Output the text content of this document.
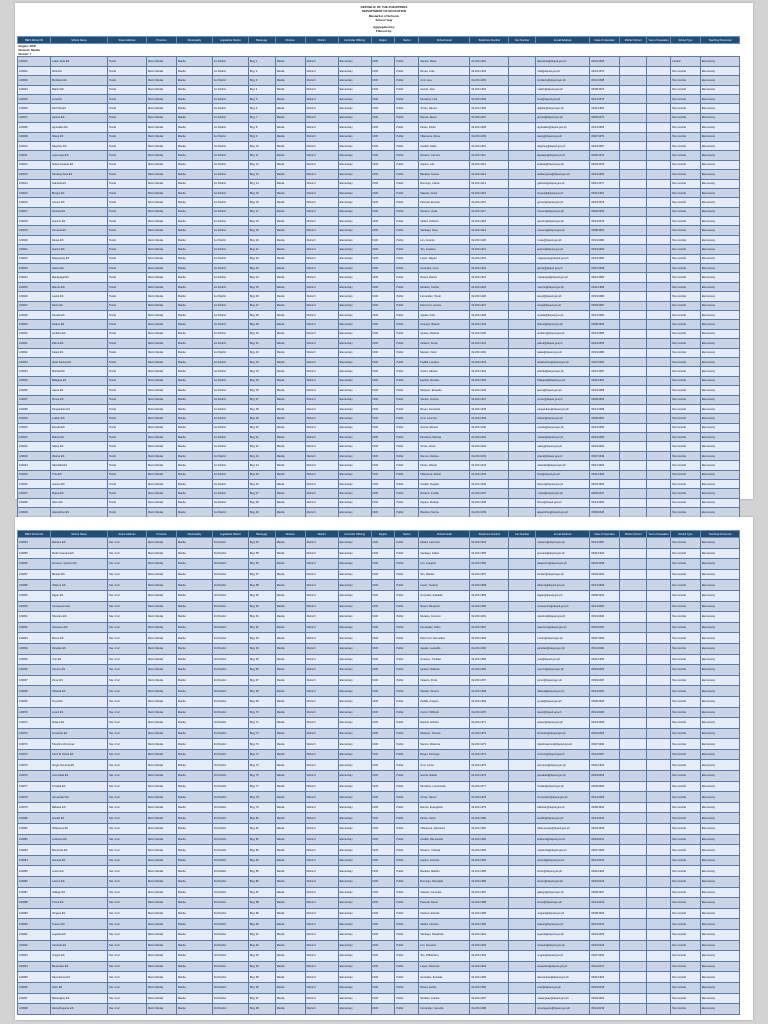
REPUBLIC OF THE PHILIPPINES
DEPARTMENT OF EDUCATION
Masterlist of Schools
School Year
Aggregated by:
Filtered by:
BEIS School ID	School Name	Street Address	Province	Municipality	Legislative District	Barangay	Division	District	Curricular Offering	Region	Sector	School Head	Telephone Number	Fax Number	E-mail Address	Date of Operation	Mother School	Year of Cessation	School Type	Teaching Personnel
Region: NCR																				
Division: Manila																				
District: I																				
100001	Lakan Dula ES	Tondo	Metro Manila	Manila	1st District	Brgy 1	Manila	District I	Elementary	NCR	Public	Santos, Maria	02-252-1001		lakandula@deped.gov.ph	06/15/1965			Central	Elementary
100002	Rizal ES	Tondo	Metro Manila	Manila	1st District	Brgy 2	Manila	District I	Elementary	NCR	Public	Reyes, Juan	02-252-1002		rizal@deped.gov.ph	06/10/1970			Non-Central	Elementary
100003	Bonifacio ES	Tondo	Metro Manila	Manila	1st District	Brgy 3	Manila	District I	Elementary	NCR	Public	Cruz, Ana	02-252-1003		bonifacio@deped.gov.ph	06/12/1968			Non-Central	Elementary
100004	Mabini ES	Tondo	Metro Manila	Manila	1st District	Brgy 4	Manila	District I	Elementary	NCR	Public	Garcia, Jose	02-252-1004		mabini@deped.gov.ph	06/08/1972			Non-Central	Elementary
100005	Luna ES	Tondo	Metro Manila	Manila	1st District	Brgy 5	Manila	District I	Elementary	NCR	Public	Mendoza, Liza	02-252-1005		luna@deped.gov.ph	06/14/1975			Non-Central	Elementary
100006	Del Pilar ES	Tondo	Metro Manila	Manila	1st District	Brgy 6	Manila	District I	Elementary	NCR	Public	Torres, Ramon	02-252-1006		delpilar@deped.gov.ph	06/11/1969			Non-Central	Elementary
100007	Jacinto ES	Tondo	Metro Manila	Manila	1st District	Brgy 7	Manila	District I	Elementary	NCR	Public	Ramos, Elena	02-252-1007		jacinto@deped.gov.ph	06/09/1971			Non-Central	Elementary
100008	Aguinaldo ES	Tondo	Metro Manila	Manila	1st District	Brgy 8	Manila	District I	Elementary	NCR	Public	Flores, Pedro	02-252-1008		aguinaldo@deped.gov.ph	06/13/1966			Non-Central	Elementary
100009	Silang ES	Tondo	Metro Manila	Manila	1st District	Brgy 9	Manila	District I	Elementary	NCR	Public	Villanueva, Rosa	02-252-1009		silang@deped.gov.ph	06/07/1974			Non-Central	Elementary
100010	Dagohoy ES	Tondo	Metro Manila	Manila	1st District	Brgy 10	Manila	District I	Elementary	NCR	Public	Castillo, Mario	02-252-1010		dagohoy@deped.gov.ph	06/16/1967			Non-Central	Elementary
100011	Lapu-Lapu ES	Tondo	Metro Manila	Manila	1st District	Brgy 11	Manila	District I	Elementary	NCR	Public	Navarro, Carmen	02-252-1011		lapulapu@deped.gov.ph	06/05/1973			Non-Central	Elementary
100012	Sultan Kudarat ES	Tondo	Metro Manila	Manila	1st District	Brgy 12	Manila	District I	Elementary	NCR	Public	Aquino, Luis	02-252-1012		kudarat@deped.gov.ph	06/18/1976			Non-Central	Elementary
100013	Tandang Sora ES	Tondo	Metro Manila	Manila	1st District	Brgy 13	Manila	District I	Elementary	NCR	Public	Bautista, Teresa	02-252-1013		tandangsora@deped.gov.ph	06/10/1964			Non-Central	Elementary
100014	Gabriela ES	Tondo	Metro Manila	Manila	1st District	Brgy 14	Manila	District I	Elementary	NCR	Public	Domingo, Carlos	02-252-1014		gabriela@deped.gov.ph	06/12/1977			Non-Central	Elementary
100015	Burgos ES	Tondo	Metro Manila	Manila	1st District	Brgy 15	Manila	District I	Elementary	NCR	Public	Salazar, Gloria	02-252-1015		burgos@deped.gov.ph	06/11/1963			Non-Central	Elementary
100016	Gomez ES	Tondo	Metro Manila	Manila	1st District	Brgy 16	Manila	District I	Elementary	NCR	Public	Pascual, Ernesto	02-252-1016		gomez@deped.gov.ph	06/15/1978			Non-Central	Elementary
100017	Zamora ES	Tondo	Metro Manila	Manila	1st District	Brgy 17	Manila	District I	Elementary	NCR	Public	Soriano, Linda	02-252-1017		zamora@deped.gov.ph	06/09/1962			Non-Central	Elementary
100018	Quezon ES	Tondo	Metro Manila	Manila	1st District	Brgy 18	Manila	District I	Elementary	NCR	Public	Valdez, Roberto	02-252-1018		quezon@deped.gov.ph	06/14/1979			Non-Central	Elementary
100019	Osmena ES	Tondo	Metro Manila	Manila	1st District	Brgy 19	Manila	District I	Elementary	NCR	Public	Santiago, Nora	02-252-1019		osmena@deped.gov.ph	06/08/1961			Non-Central	Elementary
100020	Roxas ES	Tondo	Metro Manila	Manila	1st District	Brgy 20	Manila	District I	Elementary	NCR	Public	Lim, Antonio	02-252-1020		roxas@deped.gov.ph	06/13/1980			Non-Central	Elementary
100021	Quirino ES	Tondo	Metro Manila	Manila	1st District	Brgy 21	Manila	District I	Elementary	NCR	Public	Tan, Josefina	02-252-1021		quirino@deped.gov.ph	06/10/1960			Non-Central	Elementary
100022	Magsaysay ES	Tondo	Metro Manila	Manila	1st District	Brgy 22	Manila	District I	Elementary	NCR	Public	Lopez, Miguel	02-252-1022		magsaysay@deped.gov.ph	06/16/1981			Non-Central	Elementary
100023	Garcia ES	Tondo	Metro Manila	Manila	1st District	Brgy 23	Manila	District I	Elementary	NCR	Public	Gonzales, Irene	02-252-1023		garcia@deped.gov.ph	06/07/1959			Non-Central	Elementary
100024	Macapagal ES	Tondo	Metro Manila	Manila	1st District	Brgy 24	Manila	District I	Elementary	NCR	Public	Rivera, Daniel	02-252-1024		macapagal@deped.gov.ph	06/12/1982			Non-Central	Elementary
100025	Marcos ES	Tondo	Metro Manila	Manila	1st District	Brgy 25	Manila	District I	Elementary	NCR	Public	Morales, Cecilia	02-252-1025		marcos@deped.gov.ph	06/11/1958			Non-Central	Elementary
100026	Laurel ES	Tondo	Metro Manila	Manila	1st District	Brgy 26	Manila	District I	Elementary	NCR	Public	Fernandez, Oscar	02-252-1026		laurel@deped.gov.ph	06/15/1983			Non-Central	Elementary
100027	Recto ES	Tondo	Metro Manila	Manila	1st District	Brgy 27	Manila	District I	Elementary	NCR	Public	Dela Cruz, Aurora	02-252-1027		recto@deped.gov.ph	06/09/1957			Non-Central	Elementary
100028	Tanada ES	Tondo	Metro Manila	Manila	1st District	Brgy 28	Manila	District I	Elementary	NCR	Public	Aguilar, Felix	02-252-1028		tanada@deped.gov.ph	06/14/1984			Non-Central	Elementary
100029	Diokno ES	Tondo	Metro Manila	Manila	1st District	Brgy 29	Manila	District I	Elementary	NCR	Public	Ocampo, Beatriz	02-252-1029		diokno@deped.gov.ph	06/08/1956			Non-Central	Elementary
100030	Arellano ES	Tondo	Metro Manila	Manila	1st District	Brgy 30	Manila	District I	Elementary	NCR	Public	Ignacio, Ricardo	02-252-1030		arellano@deped.gov.ph	06/13/1985			Non-Central	Elementary
100031	Palma ES	Tondo	Metro Manila	Manila	1st District	Brgy 31	Manila	District I	Elementary	NCR	Public	Velasco, Sonia	02-252-1031		palma@deped.gov.ph	06/10/1955			Non-Central	Elementary
100032	Kalaw ES	Tondo	Metro Manila	Manila	1st District	Brgy 32	Manila	District I	Elementary	NCR	Public	Manalo, Victor	02-252-1032		kalaw@deped.gov.ph	06/16/1986			Non-Central	Elementary
100033	Abad Santos ES	Tondo	Metro Manila	Manila	1st District	Brgy 33	Manila	District I	Elementary	NCR	Public	Padilla, Lourdes	02-252-1033		abadsantos@deped.gov.ph	06/07/1954			Non-Central	Elementary
100034	Plaridel ES	Tondo	Metro Manila	Manila	1st District	Brgy 34	Manila	District I	Elementary	NCR	Public	Cortez, Alfredo	02-252-1034		plaridel@deped.gov.ph	06/12/1987			Non-Central	Elementary
100035	Balagtas ES	Tondo	Metro Manila	Manila	1st District	Brgy 35	Manila	District I	Elementary	NCR	Public	Espiritu, Rosario	02-252-1035		balagtas@deped.gov.ph	06/11/1953			Non-Central	Elementary
100036	Jaena ES	Tondo	Metro Manila	Manila	1st District	Brgy 36	Manila	District I	Elementary	NCR	Public	Marquez, Eduardo	02-252-1036		jaena@deped.gov.ph	06/15/1988			Non-Central	Elementary
100037	Ponce ES	Tondo	Metro Manila	Manila	1st District	Brgy 37	Manila	District I	Elementary	NCR	Public	Santos, Cristina	02-252-1037		ponce@deped.gov.ph	06/09/1952			Non-Central	Elementary
100038	Panganiban ES	Tondo	Metro Manila	Manila	1st District	Brgy 38	Manila	District I	Elementary	NCR	Public	Reyes, Fernando	02-252-1038		panganiban@deped.gov.ph	06/14/1989			Non-Central	Elementary
100039	Lukban ES	Tondo	Metro Manila	Manila	1st District	Brgy 39	Manila	District I	Elementary	NCR	Public	Cruz, Leonora	02-252-1039		lukban@deped.gov.ph	06/08/1951			Non-Central	Elementary
100040	Escoda ES	Tondo	Metro Manila	Manila	1st District	Brgy 40	Manila	District I	Elementary	NCR	Public	Garcia, Manuel	02-252-1040		escoda@deped.gov.ph	06/13/1990			Non-Central	Elementary
100041	Malvar ES	Tondo	Metro Manila	Manila	1st District	Brgy 41	Manila	District I	Elementary	NCR	Public	Mendoza, Patricia	02-252-1041		malvar@deped.gov.ph	06/10/1950			Non-Central	Elementary
100042	Sakay ES	Tondo	Metro Manila	Manila	1st District	Brgy 42	Manila	District I	Elementary	NCR	Public	Torres, Arturo	02-252-1042		sakay@deped.gov.ph	06/16/1991			Non-Central	Elementary
100043	Ricarte ES	Tondo	Metro Manila	Manila	1st District	Brgy 43	Manila	District I	Elementary	NCR	Public	Ramos, Dolores	02-252-1043		ricarte@deped.gov.ph	06/07/1949			Non-Central	Elementary
100044	Natividad ES	Tondo	Metro Manila	Manila	1st District	Brgy 44	Manila	District I	Elementary	NCR	Public	Flores, Alberto	02-252-1044		natividad@deped.gov.ph	06/12/1992			Non-Central	Elementary
100045	Tinio ES	Tondo	Metro Manila	Manila	1st District	Brgy 45	Manila	District I	Elementary	NCR	Public	Villanueva, Esther	02-252-1045		tinio@deped.gov.ph	06/11/1948			Non-Central	Elementary
100046	Llanera ES	Tondo	Metro Manila	Manila	1st District	Brgy 46	Manila	District I	Elementary	NCR	Public	Castillo, Rogelio	02-252-1046		llanera@deped.gov.ph	06/15/1993			Non-Central	Elementary
100047	Mojica ES	Tondo	Metro Manila	Manila	1st District	Brgy 47	Manila	District I	Elementary	NCR	Public	Navarro, Imelda	02-252-1047		mojica@deped.gov.ph	06/09/1947			Non-Central	Elementary
100048	Hizon ES	Tondo	Metro Manila	Manila	1st District	Brgy 48	Manila	District I	Elementary	NCR	Public	Aquino, Rodrigo	02-252-1048		hizon@deped.gov.ph	06/14/1994			Non-Central	Elementary
100049	Alejandrino ES	Tondo	Metro Manila	Manila	1st District	Brgy 49	Manila	District I	Elementary	NCR	Public	Bautista, Norma	02-252-1049		alejandrino@deped.gov.ph	06/08/1946			Non-Central	Elementary

BEIS School ID	School Name	Street Address	Province	Municipality	Legislative District	Barangay	Division	District	Curricular Offering	Region	Sector	School Head	Telephone Number	Fax Number	E-mail Address	Date of Operation	Mother School	Year of Cessation	School Type	Teaching Personnel
100054	Mariano ES	Sta. Cruz	Metro Manila	Manila	3rd District	Brgy 54	Manila	District I	Elementary	NCR	Public	Valdez, Herminio	02-252-1054		mariano@deped.gov.ph	06/12/1997			Non-Central	Elementary
100055	Pedro Guevara ES	Sta. Cruz	Metro Manila	Manila	3rd District	Brgy 55	Manila	District I	Elementary	NCR	Public	Santiago, Felisa	02-252-1055		guevara@deped.gov.ph	06/11/1943			Non-Central	Elementary
100056	Aurora A. Quezon ES	Sta. Cruz	Metro Manila	Manila	3rd District	Brgy 56	Manila	District I	Elementary	NCR	Public	Lim, Gregorio	02-252-1056		aaquezon@deped.gov.ph	06/15/1998			Non-Central	Elementary
100057	Benitez ES	Sta. Cruz	Metro Manila	Manila	3rd District	Brgy 57	Manila	District I	Elementary	NCR	Public	Tan, Marites	02-252-1057		benitez@deped.gov.ph	06/09/1942			Non-Central	Elementary
100058	Villamor ES	Sta. Cruz	Metro Manila	Manila	3rd District	Brgy 58	Manila	District I	Elementary	NCR	Public	Lopez, Teodoro	02-252-1058		villamor@deped.gov.ph	06/14/1999			Non-Central	Elementary
100059	Ilagan ES	Sta. Cruz	Metro Manila	Manila	3rd District	Brgy 59	Manila	District I	Elementary	NCR	Public	Gonzales, Adelaida	02-252-1059		ilagan@deped.gov.ph	06/08/1941			Non-Central	Elementary
100060	Concepcion ES	Sta. Cruz	Metro Manila	Manila	3rd District	Brgy 60	Manila	District I	Elementary	NCR	Public	Rivera, Benjamin	02-252-1060		concepcion@deped.gov.ph	06/13/2000			Non-Central	Elementary
100061	Tolentino ES	Sta. Cruz	Metro Manila	Manila	3rd District	Brgy 61	Manila	District I	Elementary	NCR	Public	Morales, Corazon	02-252-1061		tolentino@deped.gov.ph	06/10/1940			Non-Central	Elementary
100062	Avancena ES	Sta. Cruz	Metro Manila	Manila	3rd District	Brgy 62	Manila	District I	Elementary	NCR	Public	Fernandez, Isidro	02-252-1062		avancena@deped.gov.ph	06/16/2001			Non-Central	Elementary
100063	Moran ES	Sta. Cruz	Metro Manila	Manila	3rd District	Brgy 63	Manila	District I	Elementary	NCR	Public	Dela Cruz, Remedios	02-252-1063		moran@deped.gov.ph	06/07/1939			Non-Central	Elementary
100064	Paredes ES	Sta. Cruz	Metro Manila	Manila	3rd District	Brgy 64	Manila	District I	Elementary	NCR	Public	Aguilar, Leopoldo	02-252-1064		paredes@deped.gov.ph	06/12/2002			Non-Central	Elementary
100065	Yulo ES	Sta. Cruz	Metro Manila	Manila	3rd District	Brgy 65	Manila	District I	Elementary	NCR	Public	Ocampo, Trinidad	02-252-1065		yulo@deped.gov.ph	06/11/1938			Non-Central	Elementary
100066	Cuenco ES	Sta. Cruz	Metro Manila	Manila	3rd District	Brgy 66	Manila	District I	Elementary	NCR	Public	Ignacio, Rolando	02-252-1066		cuenco@deped.gov.ph	06/15/2003			Non-Central	Elementary
100067	Perez ES	Sta. Cruz	Metro Manila	Manila	3rd District	Brgy 67	Manila	District I	Elementary	NCR	Public	Velasco, Perla	02-252-1067		perez@deped.gov.ph	06/09/1937			Non-Central	Elementary
100068	Villareal ES	Sta. Cruz	Metro Manila	Manila	3rd District	Brgy 68	Manila	District I	Elementary	NCR	Public	Manalo, Simeon	02-252-1068		villareal@deped.gov.ph	06/14/2004			Non-Central	Elementary
100069	Puyat ES	Sta. Cruz	Metro Manila	Manila	3rd District	Brgy 69	Manila	District I	Elementary	NCR	Public	Padilla, Amparo	02-252-1069		puyat@deped.gov.ph	06/08/1936			Non-Central	Elementary
100070	Lopez ES	Sta. Cruz	Metro Manila	Manila	3rd District	Brgy 70	Manila	District I	Elementary	NCR	Public	Cortez, Wilfredo	02-252-1070		lopez@deped.gov.ph	06/13/2005			Non-Central	Elementary
100071	Pelaez ES	Sta. Cruz	Metro Manila	Manila	3rd District	Brgy 71	Manila	District I	Elementary	NCR	Public	Espiritu, Erlinda	02-252-1071		pelaez@deped.gov.ph	06/10/1935			Non-Central	Elementary
100072	Fernando ES	Sta. Cruz	Metro Manila	Manila	3rd District	Brgy 72	Manila	District I	Elementary	NCR	Public	Marquez, Vicente	02-252-1072		fernando@deped.gov.ph	06/16/2006			Non-Central	Elementary
100073	Tolentino HS Annex	Sta. Cruz	Metro Manila	Manila	3rd District	Brgy 73	Manila	District I	Elementary	NCR	Public	Santos, Rebecca	02-252-1073		tolentinoannex@deped.gov.ph	06/07/1934			Non-Central	Elementary
100074	Claro M. Recto ES	Sta. Cruz	Metro Manila	Manila	3rd District	Brgy 74	Manila	District I	Elementary	NCR	Public	Reyes, Domingo	02-252-1074		cmrecto@deped.gov.ph	06/12/2007			Non-Central	Elementary
100075	Sergio Osmena ES	Sta. Cruz	Metro Manila	Manila	3rd District	Brgy 75	Manila	District I	Elementary	NCR	Public	Cruz, Lorna	02-252-1075		sosmena@deped.gov.ph	06/11/1933			Non-Central	Elementary
100076	Jose Abad ES	Sta. Cruz	Metro Manila	Manila	3rd District	Brgy 76	Manila	District I	Elementary	NCR	Public	Garcia, Rafael	02-252-1076		joseabad@deped.gov.ph	06/15/2008			Non-Central	Elementary
100077	Trinidad ES	Sta. Cruz	Metro Manila	Manila	3rd District	Brgy 77	Manila	District I	Elementary	NCR	Public	Mendoza, Luzviminda	02-252-1077		trinidad@deped.gov.ph	06/09/1932			Non-Central	Elementary
100078	Hernandez ES	Sta. Cruz	Metro Manila	Manila	3rd District	Brgy 78	Manila	District I	Elementary	NCR	Public	Torres, Nestor	02-252-1078		hernandez@deped.gov.ph	06/14/2009			Non-Central	Elementary
100079	Baltazar ES	Sta. Cruz	Metro Manila	Manila	3rd District	Brgy 79	Manila	District I	Elementary	NCR	Public	Ramos, Evangeline	02-252-1079		baltazar@deped.gov.ph	06/08/1931			Non-Central	Elementary
100080	Araullo ES	Sta. Cruz	Metro Manila	Manila	3rd District	Brgy 80	Manila	District I	Elementary	NCR	Public	Flores, Celso	02-252-1080		araullo@deped.gov.ph	06/13/2010			Non-Central	Elementary
100081	Villanueva ES	Sta. Cruz	Metro Manila	Manila	3rd District	Brgy 81	Manila	District I	Elementary	NCR	Public	Villanueva, Adoracion	02-252-1081		villanuevaes@deped.gov.ph	06/10/1930			Non-Central	Elementary
100082	Ledesma ES	Sta. Cruz	Metro Manila	Manila	3rd District	Brgy 82	Manila	District I	Elementary	NCR	Public	Castillo, Bienvenido	02-252-1082		ledesma@deped.gov.ph	06/16/2011			Non-Central	Elementary
100083	Montinola ES	Sta. Cruz	Metro Manila	Manila	3rd District	Brgy 83	Manila	District I	Elementary	NCR	Public	Navarro, Yolanda	02-252-1083		montinola@deped.gov.ph	06/07/1929			Non-Central	Elementary
100084	Araneta ES	Sta. Cruz	Metro Manila	Manila	3rd District	Brgy 84	Manila	District I	Elementary	NCR	Public	Aquino, Crisanto	02-252-1084		araneta@deped.gov.ph	06/12/2012			Non-Central	Elementary
100085	Locsin ES	Sta. Cruz	Metro Manila	Manila	3rd District	Brgy 85	Manila	District I	Elementary	NCR	Public	Bautista, Marilou	02-252-1085		locsin@deped.gov.ph	06/11/1928			Non-Central	Elementary
100086	Lacson ES	Sta. Cruz	Metro Manila	Manila	3rd District	Brgy 86	Manila	District I	Elementary	NCR	Public	Domingo, Reynaldo	02-252-1086		lacson@deped.gov.ph	06/15/2013			Non-Central	Elementary
100087	Gallego ES	Sta. Cruz	Metro Manila	Manila	3rd District	Brgy 87	Manila	District I	Elementary	NCR	Public	Salazar, Consuelo	02-252-1087		gallego@deped.gov.ph	06/09/1927			Non-Central	Elementary
100088	Tirona ES	Sta. Cruz	Metro Manila	Manila	3rd District	Brgy 88	Manila	District I	Elementary	NCR	Public	Pascual, Dante	02-252-1088		tirona@deped.gov.ph	06/14/2014			Non-Central	Elementary
100089	Vergara ES	Sta. Cruz	Metro Manila	Manila	3rd District	Brgy 89	Manila	District I	Elementary	NCR	Public	Soriano, Estrella	02-252-1089		vergara@deped.gov.ph	06/08/1926			Non-Central	Elementary
100090	Tuason ES	Sta. Cruz	Metro Manila	Manila	3rd District	Brgy 90	Manila	District I	Elementary	NCR	Public	Valdez, Honorio	02-252-1090		tuason@deped.gov.ph	06/13/2015			Non-Central	Elementary
100091	Legarda ES	Sta. Cruz	Metro Manila	Manila	3rd District	Brgy 91	Manila	District I	Elementary	NCR	Public	Santiago, Rosalinda	02-252-1091		legarda@deped.gov.ph	06/10/1925			Non-Central	Elementary
100092	Carriedo ES	Sta. Cruz	Metro Manila	Manila	3rd District	Brgy 92	Manila	District I	Elementary	NCR	Public	Lim, Severino	02-252-1092		carriedo@deped.gov.ph	06/16/2016			Non-Central	Elementary
100093	Ongpin ES	Sta. Cruz	Metro Manila	Manila	3rd District	Brgy 93	Manila	District I	Elementary	NCR	Public	Tan, Wilhelmina	02-252-1093		ongpin@deped.gov.ph	06/07/1924			Non-Central	Elementary
100094	Benavides ES	Sta. Cruz	Metro Manila	Manila	3rd District	Brgy 94	Manila	District I	Elementary	NCR	Public	Lopez, Florencio	02-252-1094		benavides@deped.gov.ph	06/12/2017			Non-Central	Elementary
100095	Dasmarinas ES	Sta. Cruz	Metro Manila	Manila	3rd District	Brgy 95	Manila	District I	Elementary	NCR	Public	Gonzales, Zenaida	02-252-1095		dasmarinas@deped.gov.ph	06/11/1923			Non-Central	Elementary
100096	Soler ES	Sta. Cruz	Metro Manila	Manila	3rd District	Brgy 96	Manila	District I	Elementary	NCR	Public	Rivera, Emilio	02-252-1096		soler@deped.gov.ph	06/15/2018			Non-Central	Elementary
100097	Masangkay ES	Sta. Cruz	Metro Manila	Manila	3rd District	Brgy 97	Manila	District I	Elementary	NCR	Public	Morales, Juanita	02-252-1097		masangkay@deped.gov.ph	06/09/1922			Non-Central	Elementary
100098	Reina Regente ES	Sta. Cruz	Metro Manila	Manila	3rd District	Brgy 98	Manila	District I	Elementary	NCR	Public	Fernandez, Gerardo	02-252-1098		reinaregente@deped.gov.ph	06/14/2019			Non-Central	Elementary
